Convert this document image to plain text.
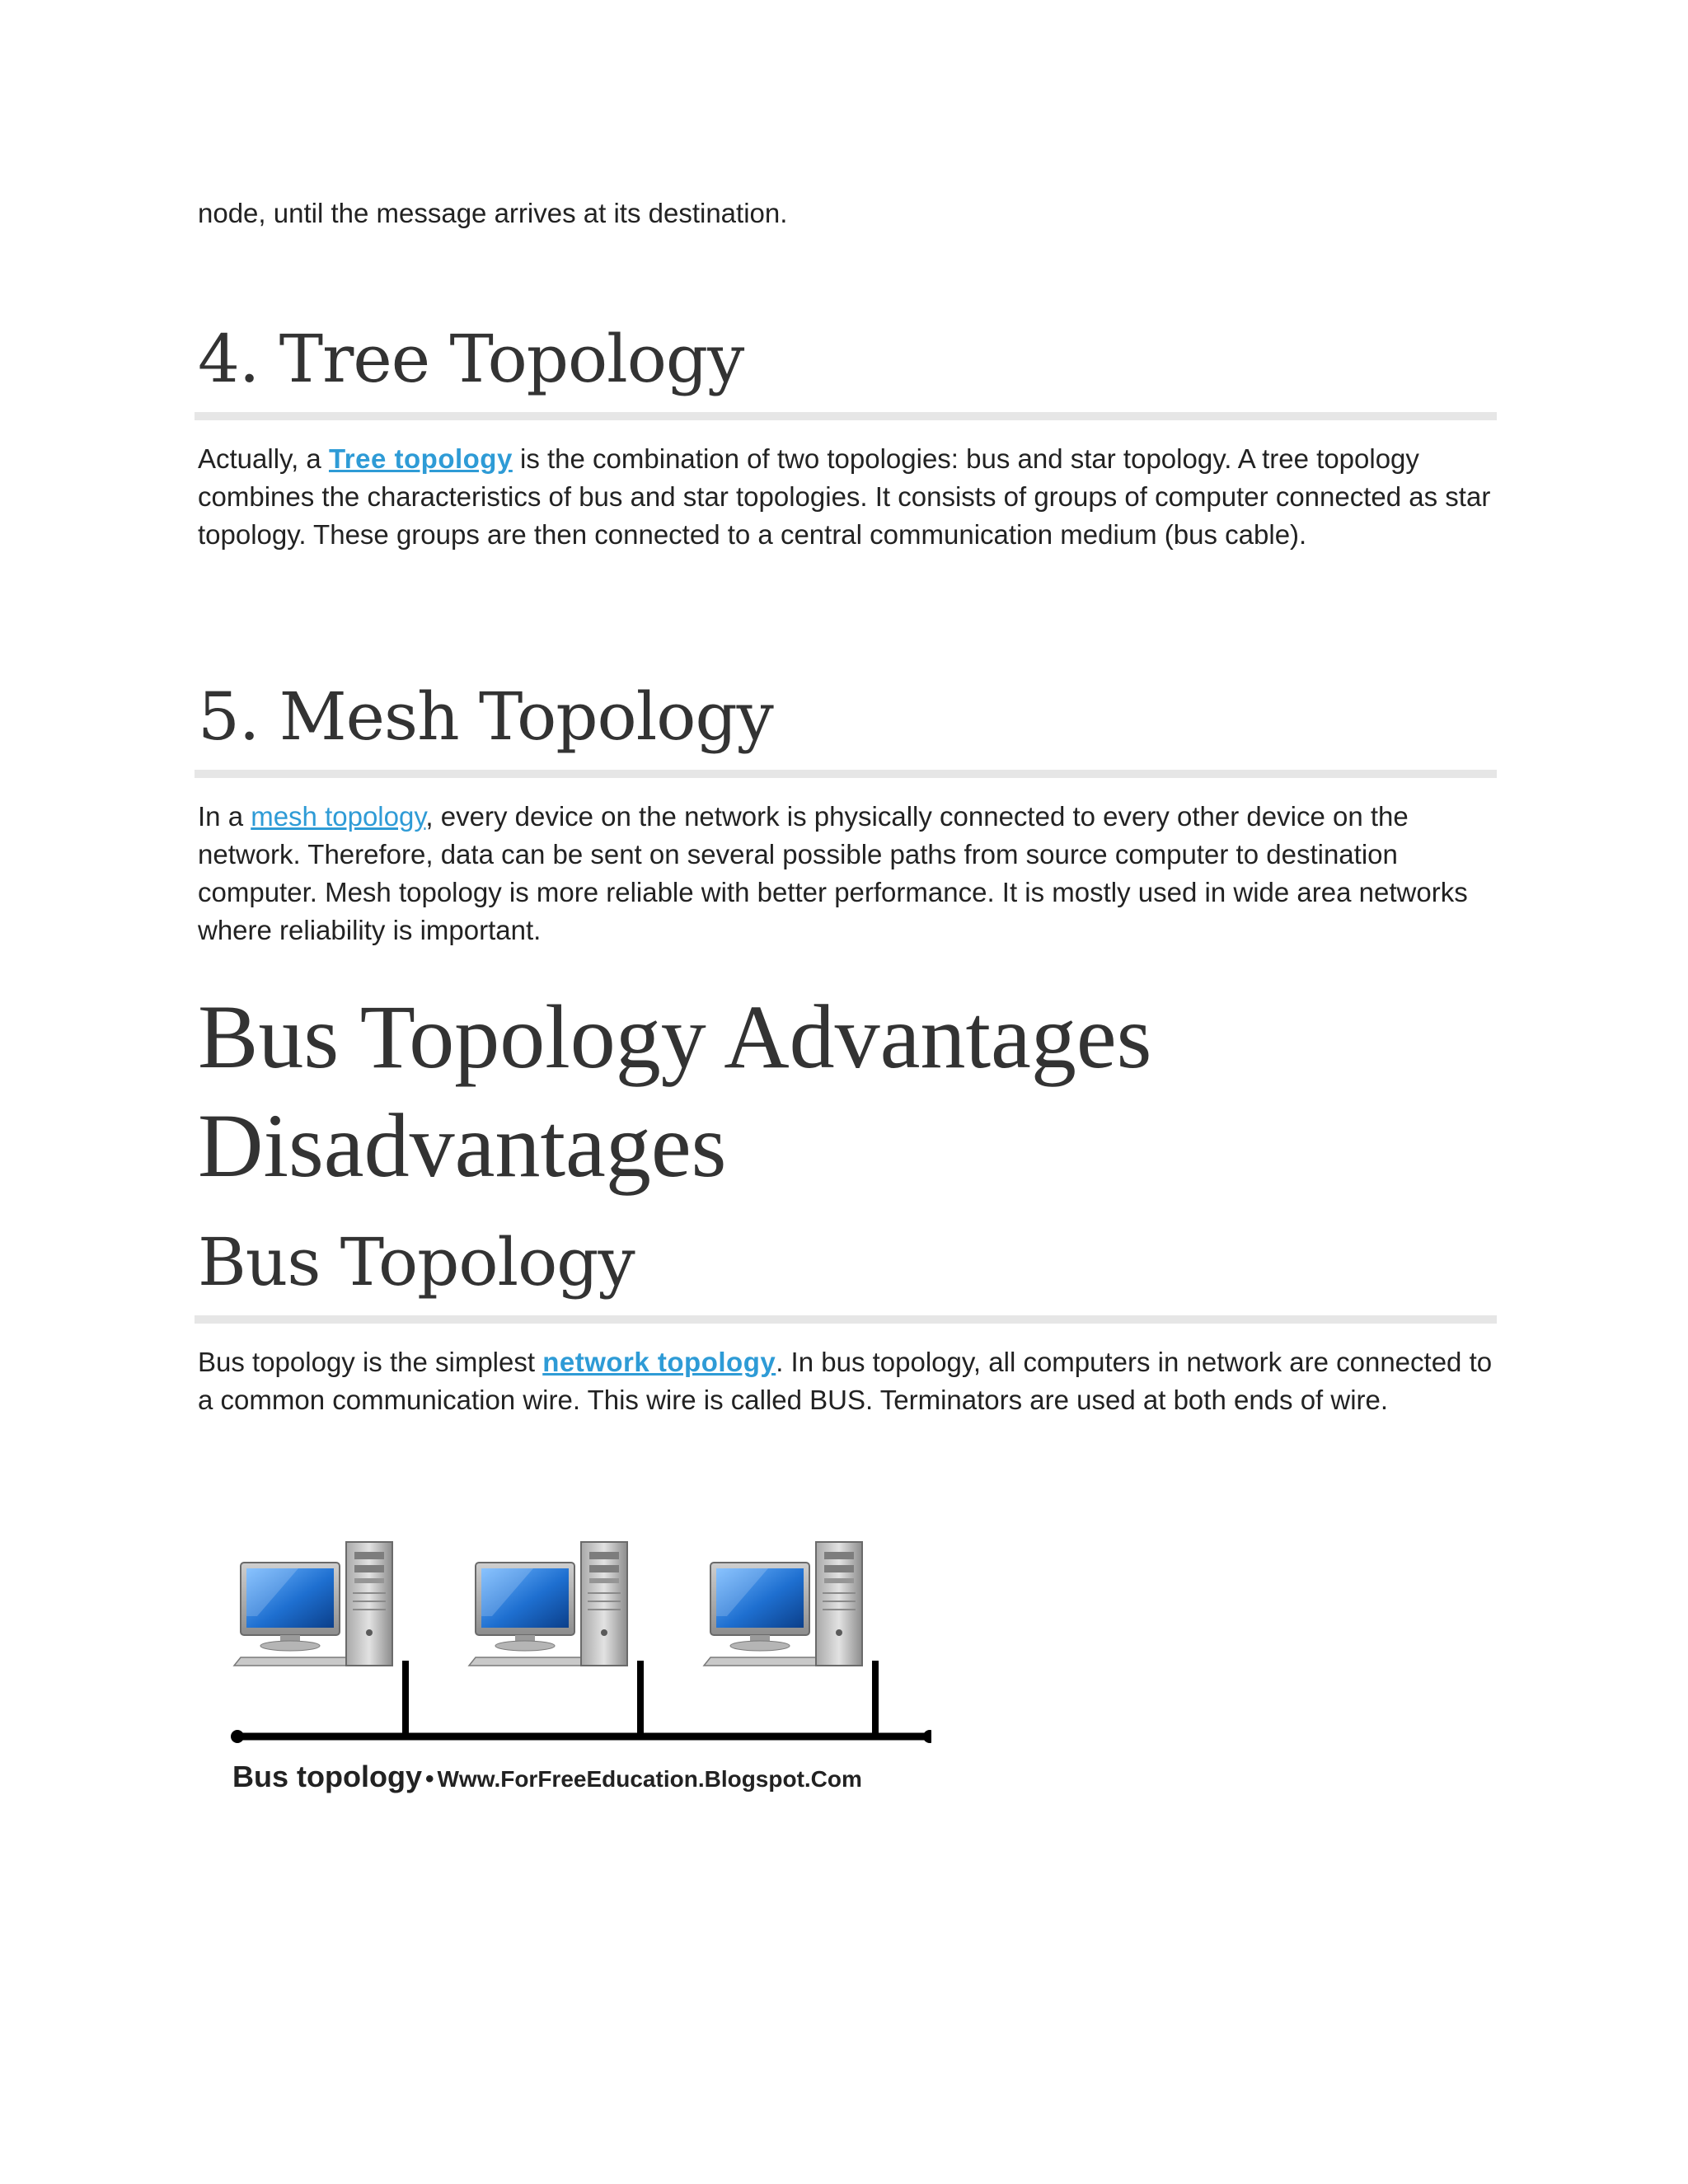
node, until the message arrives at its destination.

4. Tree Topology

Actually, a Tree topology is the combination of two topologies: bus and star topology. A tree topology combines the characteristics of bus and star topologies. It consists of groups of computer connected as star topology. These groups are then connected to a central communication medium (bus cable).

5. Mesh Topology

In a mesh topology, every device on the network is physically connected to every other device on the network. Therefore, data can be sent on several possible paths from source computer to destination computer. Mesh topology is more reliable with better performance. It is mostly used in wide area networks where reliability is important.

Bus Topology Advantages
Disadvantages
Bus Topology

Bus topology is the simplest network topology. In bus topology, all computers in network are connected to a common communication wire. This wire is called BUS. Terminators are used at both ends of wire.

Bus topology • Www.ForFreeEducation.Blogspot.Com
